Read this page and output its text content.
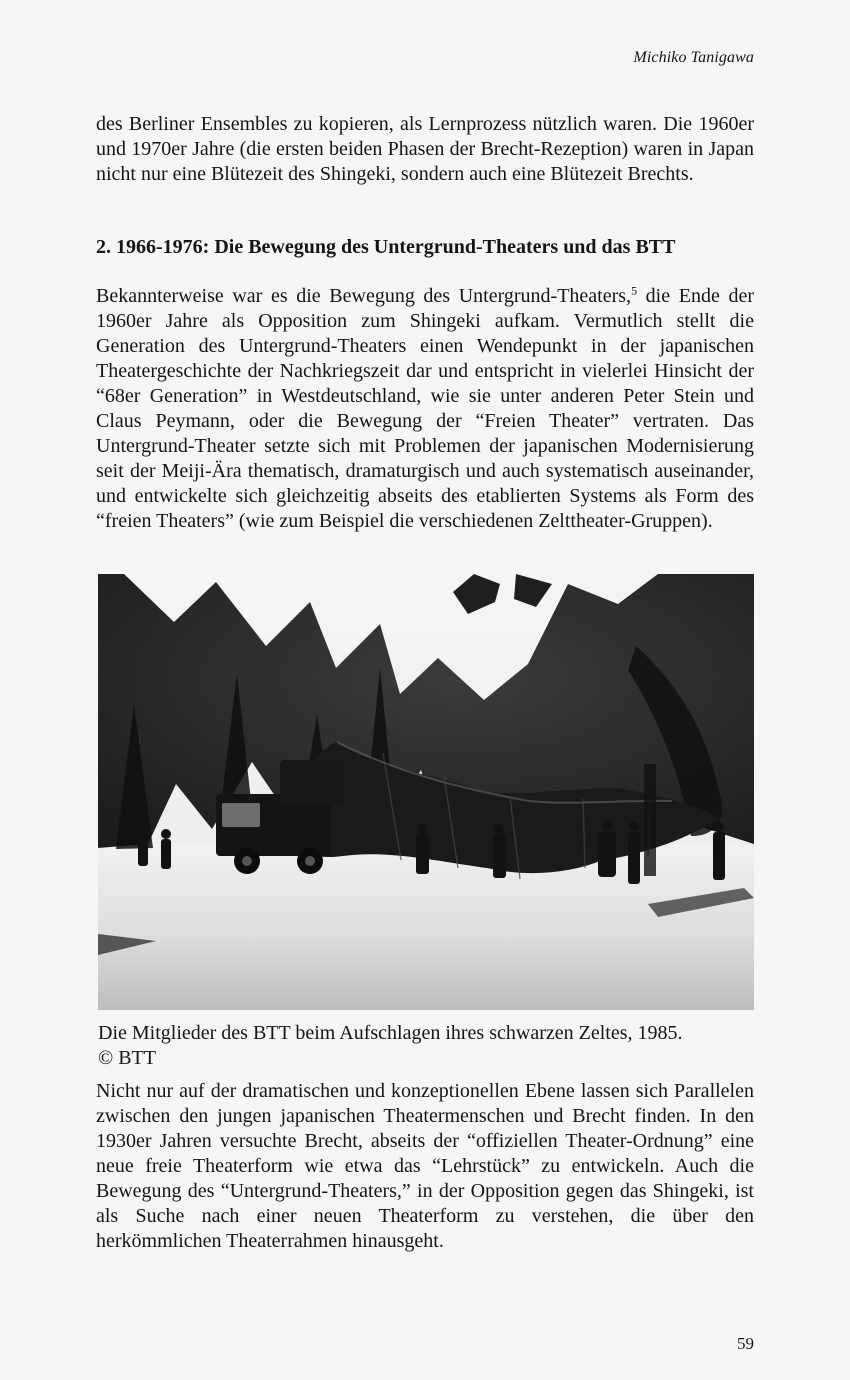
Michiko Tanigawa

des Berliner Ensembles zu kopieren, als Lernprozess nützlich waren. Die 1960er und 1970er Jahre (die ersten beiden Phasen der Brecht-Rezeption) waren in Japan nicht nur eine Blütezeit des Shingeki, sondern auch eine Blütezeit Brechts.

2. 1966-1976: Die Bewegung des Untergrund-Theaters und das BTT

Bekannterweise war es die Bewegung des Untergrund-Theaters,$^5$ die Ende der 1960er Jahre als Opposition zum Shingeki aufkam. Vermutlich stellt die Generation des Untergrund-Theaters einen Wendepunkt in der japanischen Theatergeschichte der Nachkriegszeit dar und entspricht in vielerlei Hinsicht der “68er Generation” in Westdeutschland, wie sie unter anderen Peter Stein und Claus Peymann, oder die Bewegung der “Freien Theater” vertraten. Das Untergrund-Theater setzte sich mit Problemen der japanischen Modernisierung seit der Meiji-Ära thematisch, dramaturgisch und auch systematisch auseinander, und entwickelte sich gleichzeitig abseits des etablierten Systems als Form des “freien Theaters” (wie zum Beispiel die verschiedenen Zelttheater-Gruppen).

Die Mitglieder des BTT beim Aufschlagen ihres schwarzen Zeltes, 1985.
© BTT

Nicht nur auf der dramatischen und konzeptionellen Ebene lassen sich Parallelen zwischen den jungen japanischen Theatermenschen und Brecht finden. In den 1930er Jahren versuchte Brecht, abseits der “offiziellen Theater-Ordnung” eine neue freie Theaterform wie etwa das “Lehrstück” zu entwickeln. Auch die Bewegung des “Untergrund-Theaters,” in der Opposition gegen das Shingeki, ist als Suche nach einer neuen Theaterform zu verstehen, die über den herkömmlichen Theaterrahmen hinausgeht.

59
